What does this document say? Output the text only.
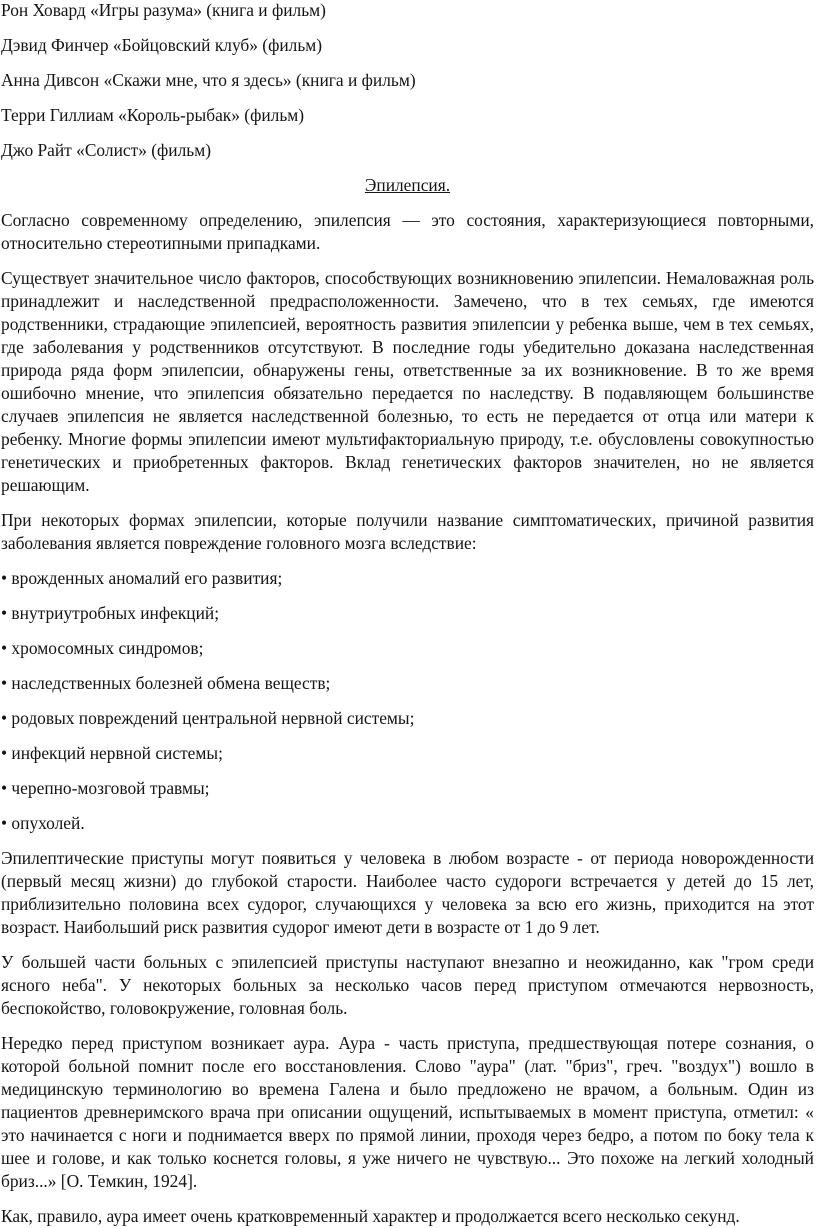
Рон Ховард «Игры разума» (книга и фильм)

Дэвид Финчер «Бойцовский клуб» (фильм)

Анна Дивсон «Скажи мне, что я здесь» (книга и фильм)

Терри Гиллиам «Король-рыбак» (фильм)

Джо Райт «Солист» (фильм)

Эпилепсия.

Согласно современному определению, эпилепсия — это состояния, характеризующиеся повторными, относительно стереотипными припадками.

Существует значительное число факторов, способствующих возникновению эпилепсии. Немаловажная роль принадлежит и наследственной предрасположенности. Замечено, что в тех семьях, где имеются родственники, страдающие эпилепсией, вероятность развития эпилепсии у ребенка выше, чем в тех семьях, где заболевания у родственников отсутствуют. В последние годы убедительно доказана наследственная природа ряда форм эпилепсии, обнаружены гены, ответственные за их возникновение. В то же время ошибочно мнение, что эпилепсия обязательно передается по наследству. В подавляющем большинстве случаев эпилепсия не является наследственной болезнью, то есть не передается от отца или матери к ребенку. Многие формы эпилепсии имеют мультифакториальную природу, т.е. обусловлены совокупностью генетических и приобретенных факторов. Вклад генетических факторов значителен, но не является решающим.

При некоторых формах эпилепсии, которые получили название симптоматических, причиной развития заболевания является повреждение головного мозга вследствие:

• врожденных аномалий его развития;

• внутриутробных инфекций;

• хромосомных синдромов;

• наследственных болезней обмена веществ;

• родовых повреждений центральной нервной системы;

• инфекций нервной системы;

• черепно-мозговой травмы;

• опухолей.

Эпилептические приступы могут появиться у человека в любом возрасте - от периода новорожденности (первый месяц жизни) до глубокой старости. Наиболее часто судороги встречается у детей до 15 лет, приблизительно половина всех судорог, случающихся у человека за всю его жизнь, приходится на этот возраст. Наибольший риск развития судорог имеют дети в возрасте от 1 до 9 лет.

У большей части больных с эпилепсией приступы наступают внезапно и неожиданно, как "гром среди ясного неба". У некоторых больных за несколько часов перед приступом отмечаются нервозность, беспокойство, головокружение, головная боль.

Нередко перед приступом возникает аура. Аура - часть приступа, предшествующая потере сознания, о которой больной помнит после его восстановления. Слово "аура" (лат. "бриз", греч. "воздух") вошло в медицинскую терминологию во времена Галена и было предложено не врачом, а больным. Один из пациентов древнеримского врача при описании ощущений, испытываемых в момент приступа, отметил: « это начинается с ноги и поднимается вверх по прямой линии, проходя через бедро, а потом по боку тела к шее и голове, и как только коснется головы, я уже ничего не чувствую... Это похоже на легкий холодный бриз...» [О. Темкин, 1924].

Как, правило, аура имеет очень кратковременный характер и продолжается всего несколько секунд.
